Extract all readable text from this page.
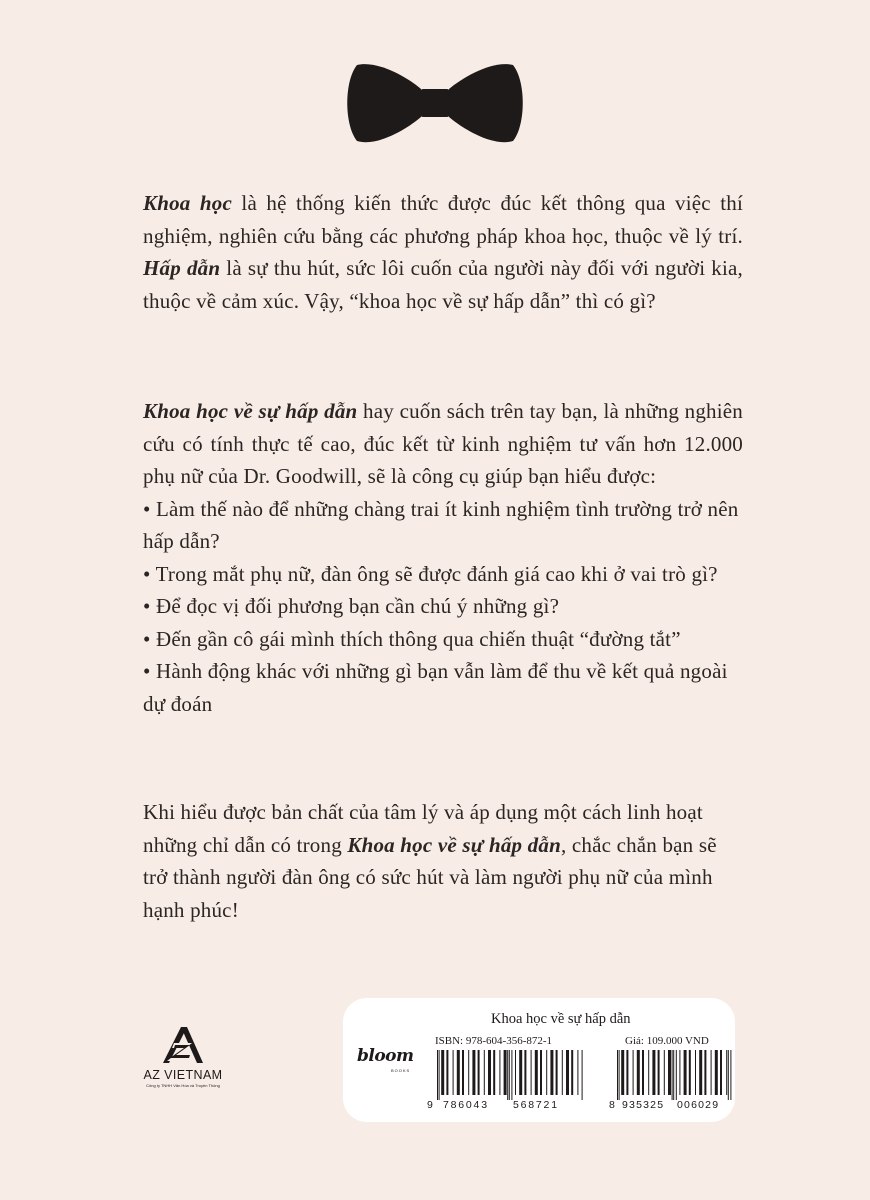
Khoa học là hệ thống kiến thức được đúc kết thông qua việc thí nghiệm, nghiên cứu bằng các phương pháp khoa học, thuộc về lý trí. Hấp dẫn là sự thu hút, sức lôi cuốn của người này đối với người kia, thuộc về cảm xúc. Vậy, “khoa học về sự hấp dẫn” thì có gì?

Khoa học về sự hấp dẫn hay cuốn sách trên tay bạn, là những nghiên cứu có tính thực tế cao, đúc kết từ kinh nghiệm tư vấn hơn 12.000 phụ nữ của Dr. Goodwill, sẽ là công cụ giúp bạn hiểu được:

• Làm thế nào để những chàng trai ít kinh nghiệm tình trường trở nên hấp dẫn?

• Trong mắt phụ nữ, đàn ông sẽ được đánh giá cao khi ở vai trò gì?

• Để đọc vị đối phương bạn cần chú ý những gì?

• Đến gần cô gái mình thích thông qua chiến thuật “đường tắt”

• Hành động khác với những gì bạn vẫn làm để thu về kết quả ngoài dự đoán

Khi hiểu được bản chất của tâm lý và áp dụng một cách linh hoạt những chỉ dẫn có trong Khoa học về sự hấp dẫn, chắc chắn bạn sẽ trở thành người đàn ông có sức hút và làm người phụ nữ của mình hạnh phúc!
AZ VIETNAM
Công ty TNHH Văn Hóa và Truyền Thông
Khoa học về sự hấp dẫn
bloom
BOOKS
ISBN: 978-604-356-872-1	Giá: 109.000 VND
9 786043 568721	8 935325 006029
